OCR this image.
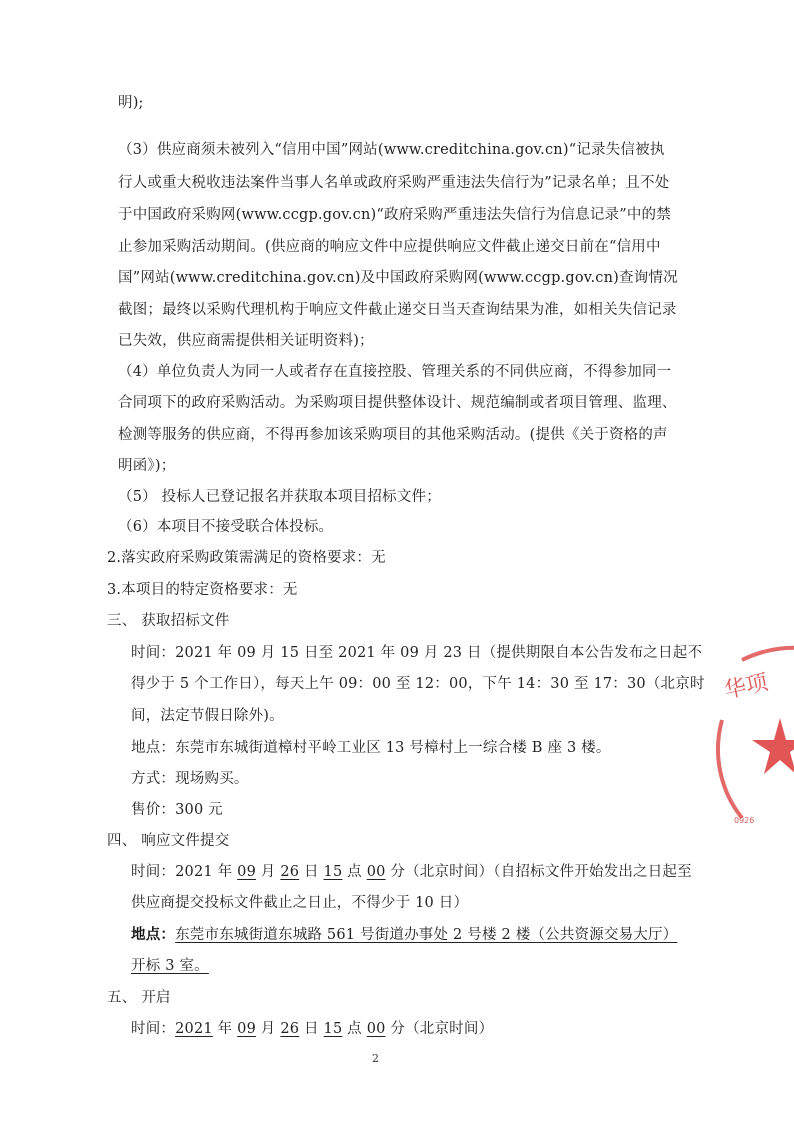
明);
（3）供应商须未被列入“信用中国”网站(www.creditchina.gov.cn)“记录失信被执
行人或重大税收违法案件当事人名单或政府采购严重违法失信行为”记录名单；且不处
于中国政府采购网(www.ccgp.gov.cn)“政府采购严重违法失信行为信息记录”中的禁
止参加采购活动期间。(供应商的响应文件中应提供响应文件截止递交日前在“信用中
国”网站(www.creditchina.gov.cn)及中国政府采购网(www.ccgp.gov.cn)查询情况
截图；最终以采购代理机构于响应文件截止递交日当天查询结果为准，如相关失信记录
已失效，供应商需提供相关证明资料)；
（4）单位负责人为同一人或者存在直接控股、管理关系的不同供应商，不得参加同一
合同项下的政府采购活动。为采购项目提供整体设计、规范编制或者项目管理、监理、
检测等服务的供应商，不得再参加该采购项目的其他采购活动。(提供《关于资格的声
明函》)；
（5） 投标人已登记报名并获取本项目招标文件；
（6）本项目不接受联合体投标。
2.落实政府采购政策需满足的资格要求：无
3.本项目的特定资格要求：无
三、 获取招标文件
时间：2021 年 09 月 15 日至 2021 年 09 月 23 日（提供期限自本公告发布之日起不
得少于 5 个工作日），每天上午 09：00 至 12：00，下午 14：30 至 17：30（北京时
间，法定节假日除外)。
地点：东莞市东城街道樟村平岭工业区 13 号樟村上一综合楼 B 座 3 楼。
方式：现场购买。
售价：300 元
四、 响应文件提交
时间：2021 年 09 月 26 日 15 点 00 分（北京时间）（自招标文件开始发出之日起至
供应商提交投标文件截止之日止，不得少于 10 日）
地点：东莞市东城街道东城路 561 号街道办事处 2 号楼 2 楼（公共资源交易大厅）
开标 3 室。
五、 开启
时间：2021 年 09 月 26 日 15 点 00 分（北京时间）
2
华项
0926
